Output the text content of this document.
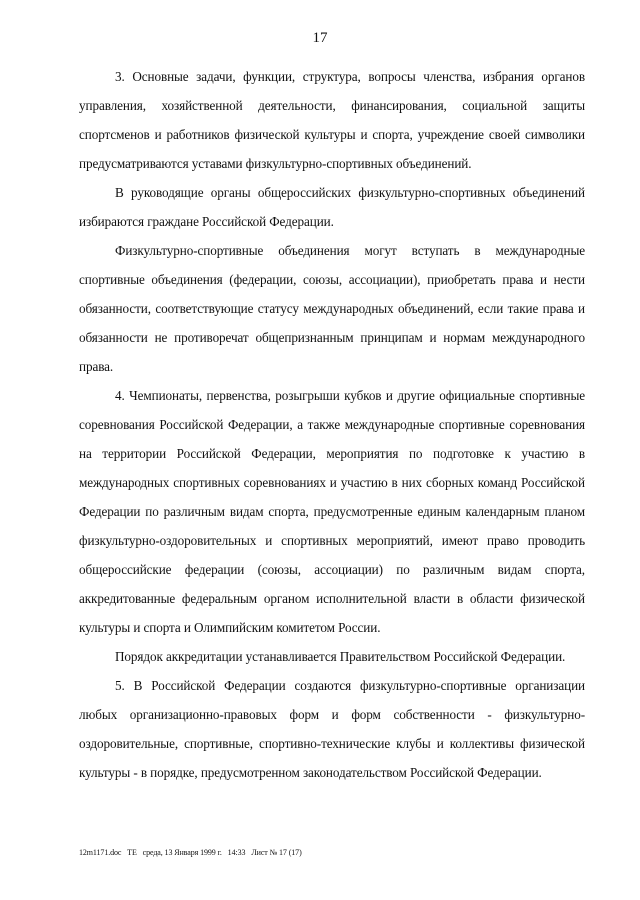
17

3. Основные задачи, функции, структура, вопросы членства, избрания органов управления, хозяйственной деятельности, финансирования, социальной защиты спортсменов и работников физической культуры и спорта, учреждение своей символики предусматриваются уставами физкультурно-спортивных объединений.

В руководящие органы общероссийских физкультурно-спортивных объединений избираются граждане Российской Федерации.

Физкультурно-спортивные объединения могут вступать в международные спортивные объединения (федерации, союзы, ассоциации), приобретать права и нести обязанности, соответствующие статусу международных объединений, если такие права и обязанности не противоречат общепризнанным принципам и нормам международного права.

4. Чемпионаты, первенства, розыгрыши кубков и другие официальные спортивные соревнования Российской Федерации, а также международные спортивные соревнования на территории Российской Федерации, мероприятия по подготовке к участию в международных спортивных соревнованиях и участию в них сборных команд Российской Федерации по различным видам спорта, предусмотренные единым календарным планом физкультурно-оздоровительных и спортивных мероприятий, имеют право проводить общероссийские федерации (союзы, ассоциации) по различным видам спорта, аккредитованные федеральным органом исполнительной власти в области физической культуры и спорта и Олимпийским комитетом России.

Порядок аккредитации устанавливается Правительством Российской Федерации.

5. В Российской Федерации создаются физкультурно-спортивные организации любых организационно-правовых форм и форм собственности - физкультурно-оздоровительные, спортивные, спортивно-технические клубы и коллективы физической культуры - в порядке, предусмотренном законодательством Российской Федерации.

12m1171.doc TE среда, 13 Января 1999 г. 14:33 Лист № 17 (17)
